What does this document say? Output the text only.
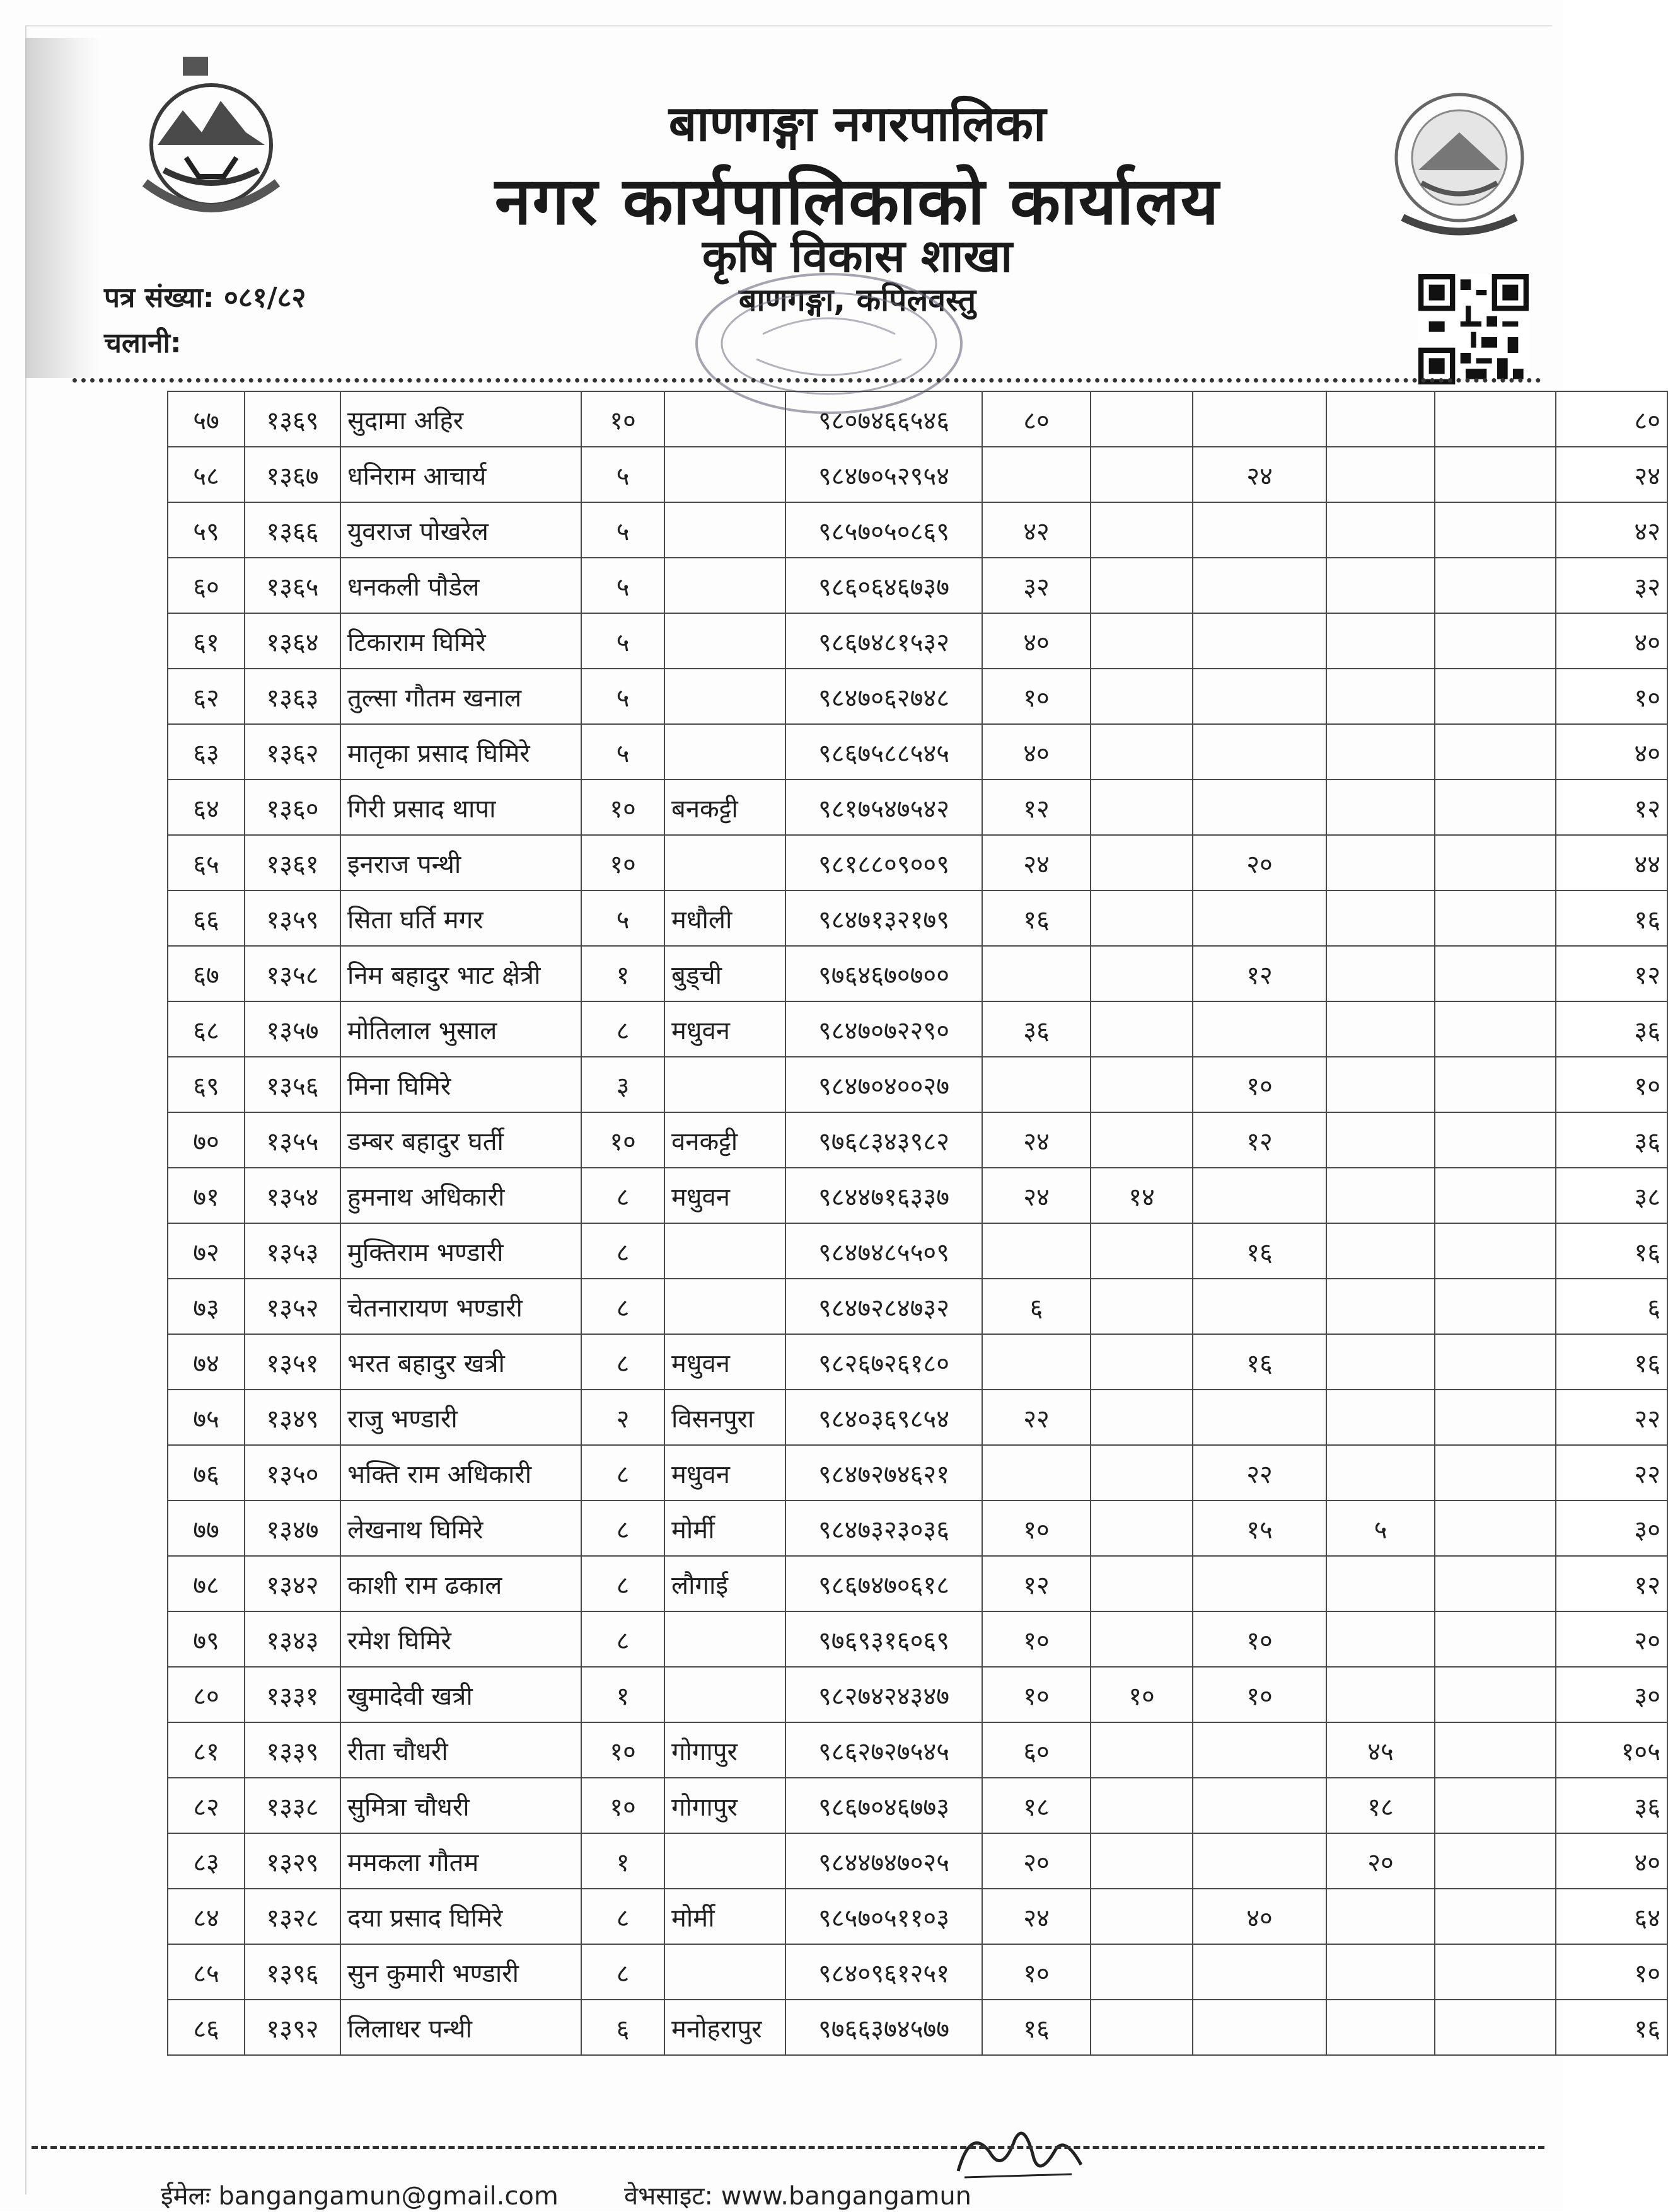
बाणगङ्गा नगरपालिका
नगर कार्यपालिकाको कार्यालय
कृषि विकास शाखा
बाणगङ्गा, कपिलवस्तु
पत्र संख्या: ०८१/८२
चलानी:
५७	१३६९	सुदामा अहिर	१०		९८०७४६६५४६	८०					८०
५८	१३६७	धनिराम आचार्य	५		९८४७०५२९५४			२४			२४
५९	१३६६	युवराज पोखरेल	५		९८५७०५०८६९	४२					४२
६०	१३६५	धनकली पौडेल	५		९८६०६४६७३७	३२					३२
६१	१३६४	टिकाराम घिमिरे	५		९८६७४८१५३२	४०					४०
६२	१३६३	तुल्सा गौतम खनाल	५		९८४७०६२७४८	१०					१०
६३	१३६२	मातृका प्रसाद घिमिरे	५		९८६७५८८५४५	४०					४०
६४	१३६०	गिरी प्रसाद थापा	१०	बनकट्टी	९८१७५४७५४२	१२					१२
६५	१३६१	इनराज पन्थी	१०		९८१८८०९००९	२४		२०			४४
६६	१३५९	सिता घर्ति मगर	५	मधौली	९८४७१३२१७९	१६					१६
६७	१३५८	निम बहादुर भाट क्षेत्री	१	बुड्ची	९७६४६७०७००			१२			१२
६८	१३५७	मोतिलाल भुसाल	८	मधुवन	९८४७०७२२९०	३६					३६
६९	१३५६	मिना घिमिरे	३		९८४७०४००२७			१०			१०
७०	१३५५	डम्बर बहादुर घर्ती	१०	वनकट्टी	९७६८३४३९८२	२४		१२			३६
७१	१३५४	हुमनाथ अधिकारी	८	मधुवन	९८४४७१६३३७	२४	१४				३८
७२	१३५३	मुक्तिराम भण्डारी	८		९८४७४८५५०९			१६			१६
७३	१३५२	चेतनारायण भण्डारी	८		९८४७२८४७३२	६					६
७४	१३५१	भरत बहादुर खत्री	८	मधुवन	९८२६७२६१८०			१६			१६
७५	१३४९	राजु भण्डारी	२	विसनपुरा	९८४०३६९८५४	२२					२२
७६	१३५०	भक्ति राम अधिकारी	८	मधुवन	९८४७२७४६२१			२२			२२
७७	१३४७	लेखनाथ घिमिरे	८	मोर्मी	९८४७३२३०३६	१०		१५	५		३०
७८	१३४२	काशी राम ढकाल	८	लौगाई	९८६७४७०६१८	१२					१२
७९	१३४३	रमेश घिमिरे	८		९७६९३१६०६९	१०		१०			२०
८०	१३३१	खुमादेवी खत्री	१		९८२७४२४३४७	१०	१०	१०			३०
८१	१३३९	रीता चौधरी	१०	गोगापुर	९८६२७२७५४५	६०			४५		१०५
८२	१३३८	सुमित्रा चौधरी	१०	गोगापुर	९८६७०४६७७३	१८			१८		३६
८३	१३२९	ममकला गौतम	१		९८४४७४७०२५	२०			२०		४०
८४	१३२८	दया प्रसाद घिमिरे	८	मोर्मी	९८५७०५११०३	२४		४०			६४
८५	१३९६	सुन कुमारी भण्डारी	८		९८४०९६१२५१	१०					१०
८६	१३९२	लिलाधर पन्थी	६	मनोहरापुर	९७६६३७४५७७	१६					१६
ईमेलः bangangamun@gmail.com	वेभसाइट: www.bangangamun
